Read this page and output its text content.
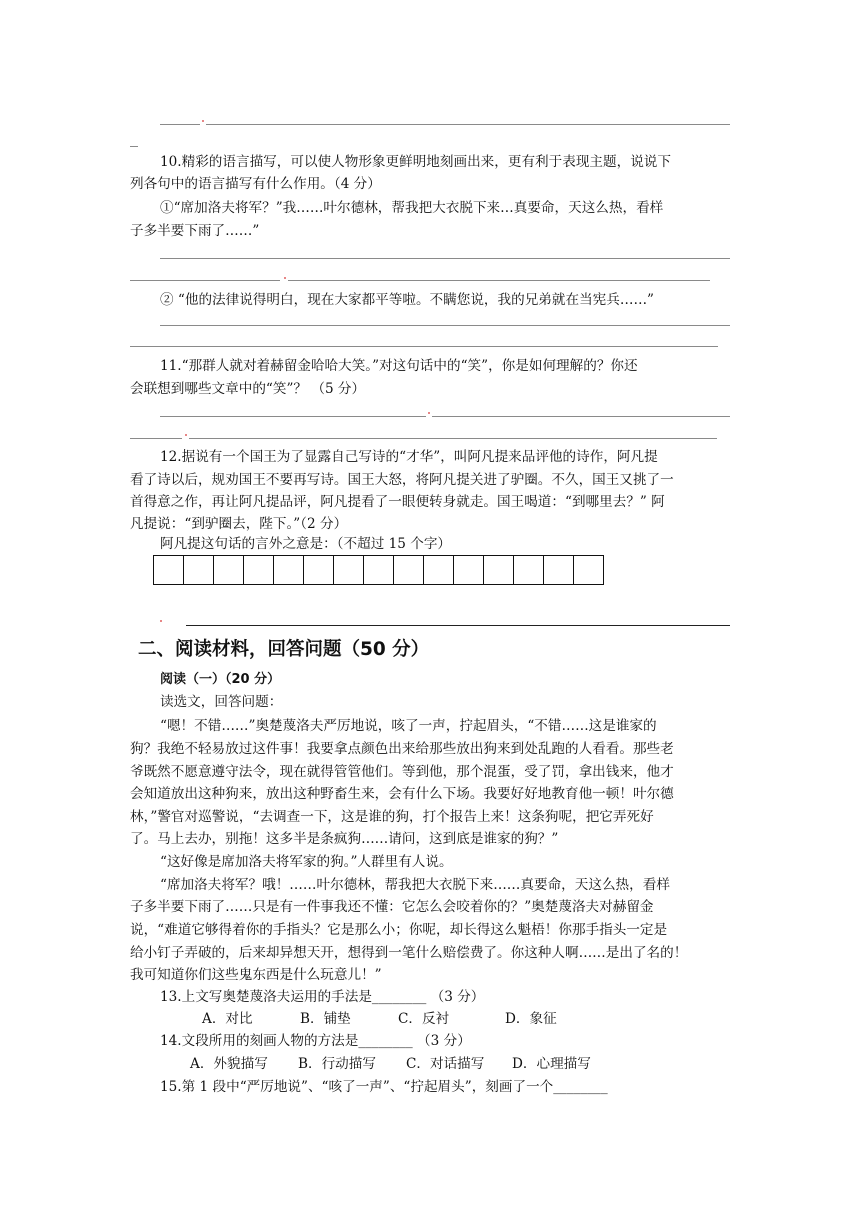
10.精彩的语言描写，可以使人物形象更鲜明地刻画出来，更有利于表现主题，说说下
列各句中的语言描写有什么作用。（4 分）
①“席加洛夫将军？”我……叶尔德林，帮我把大衣脱下来…真要命，天这么热，看样
子多半要下雨了……”
② “他的法律说得明白，现在大家都平等啦。不瞒您说，我的兄弟就在当宪兵……”
11.“那群人就对着赫留金哈哈大笑。”对这句话中的“笑”，你是如何理解的？你还
会联想到哪些文章中的“笑”？ （5 分）
12.据说有一个国王为了显露自己写诗的“才华”，叫阿凡提来品评他的诗作，阿凡提
看了诗以后，规劝国王不要再写诗。国王大怒，将阿凡提关进了驴圈。不久，国王又挑了一
首得意之作，再让阿凡提品评，阿凡提看了一眼便转身就走。国王喝道：“到哪里去？” 阿
凡提说：“到驴圈去，陛下。”（2 分）
阿凡提这句话的言外之意是：（不超过 15 个字）
二、阅读材料，回答问题（50 分）
阅读（一）（20 分）
读选文，回答问题：
“嗯！不错……”奥楚蔑洛夫严厉地说，咳了一声，拧起眉头，“不错……这是谁家的
狗？我绝不轻易放过这件事！我要拿点颜色出来给那些放出狗来到处乱跑的人看看。那些老
爷既然不愿意遵守法令，现在就得管管他们。等到他，那个混蛋，受了罚，拿出钱来，他才
会知道放出这种狗来，放出这种野畜生来，会有什么下场。我要好好地教育他一顿！叶尔德
林，”警官对巡警说，“去调查一下，这是谁的狗，打个报告上来！这条狗呢，把它弄死好
了。马上去办，别拖！这多半是条疯狗……请问，这到底是谁家的狗？”
“这好像是席加洛夫将军家的狗。”人群里有人说。
“席加洛夫将军？哦！……叶尔德林，帮我把大衣脱下来……真要命，天这么热，看样
子多半要下雨了……只是有一件事我还不懂：它怎么会咬着你的？”奥楚蔑洛夫对赫留金
说，“难道它够得着你的手指头？它是那么小；你呢，却长得这么魁梧！你那手指头一定是
给小钉子弄破的，后来却异想天开，想得到一笔什么赔偿费了。你这种人啊……是出了名的！
我可知道你们这些鬼东西是什么玩意儿！”
13.上文写奥楚蔑洛夫运用的手法是________ （3 分）
A．对比	B．铺垫	C．反衬	D．象征
14.文段所用的刻画人物的方法是________ （3 分）
A．外貌描写 B．行动描写 C．对话描写 D．心理描写
15.第 1 段中“严厉地说”、“咳了一声”、“拧起眉头”，刻画了一个________
